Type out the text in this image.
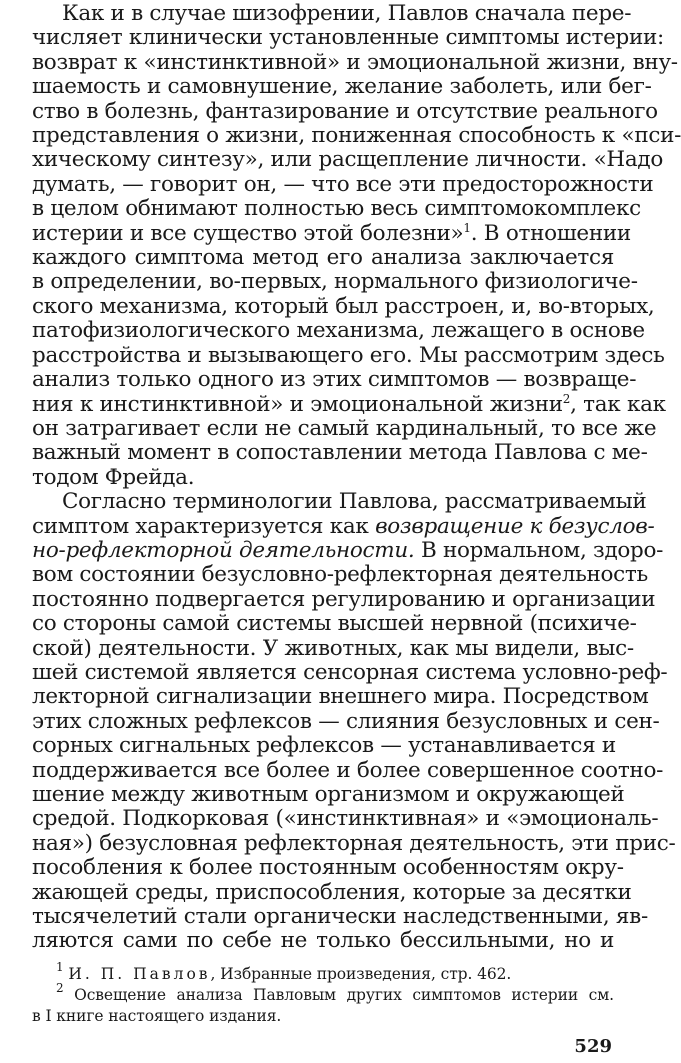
Как и в случае шизофрении, Павлов сначала пере-
числяет клинически установленные симптомы истерии:
возврат к «инстинктивной» и эмоциональной жизни, вну-
шаемость и самовнушение, желание заболеть, или бег-
ство в болезнь, фантазирование и отсутствие реального
представления о жизни, пониженная способность к «пси-
хическому синтезу», или расщепление личности. «Надо
думать, — говорит он, — что все эти предосторожности
в целом обнимают полностью весь симптомокомплекс
истерии и все существо этой болезни»$^1$. В отношении
каждого симптома метод его анализа заключается
в определении, во-первых, нормального физиологиче-
ского механизма, который был расстроен, и, во-вторых,
патофизиологического механизма, лежащего в основе
расстройства и вызывающего его. Мы рассмотрим здесь
анализ только одного из этих симптомов — возвраще-
ния к инстинктивной» и эмоциональной жизни$^2$, так как
он затрагивает если не самый кардинальный, то все же
важный момент в сопоставлении метода Павлова с ме-
тодом Фрейда.
Согласно терминологии Павлова, рассматриваемый
симптом характеризуется как возвращение к безуслов-
но-рефлекторной деятельности. В нормальном, здоро-
вом состоянии безусловно-рефлекторная деятельность
постоянно подвергается регулированию и организации
со стороны самой системы высшей нервной (психиче-
ской) деятельности. У животных, как мы видели, выс-
шей системой является сенсорная система условно-реф-
лекторной сигнализации внешнего мира. Посредством
этих сложных рефлексов — слияния безусловных и сен-
сорных сигнальных рефлексов — устанавливается и
поддерживается все более и более совершенное соотно-
шение между животным организмом и окружающей
средой. Подкорковая («инстинктивная» и «эмоциональ-
ная») безусловная рефлекторная деятельность, эти прис-
пособления к более постоянным особенностям окру-
жающей среды, приспособления, которые за десятки
тысячелетий стали органически наследственными, яв-
ляются сами по себе не только бессильными, но и
$^1$ И. П. Павлов, Избранные произведения, стр. 462.
$^2$ Освещение анализа Павловым других симптомов истерии см.
в I книге настоящего издания.
529
